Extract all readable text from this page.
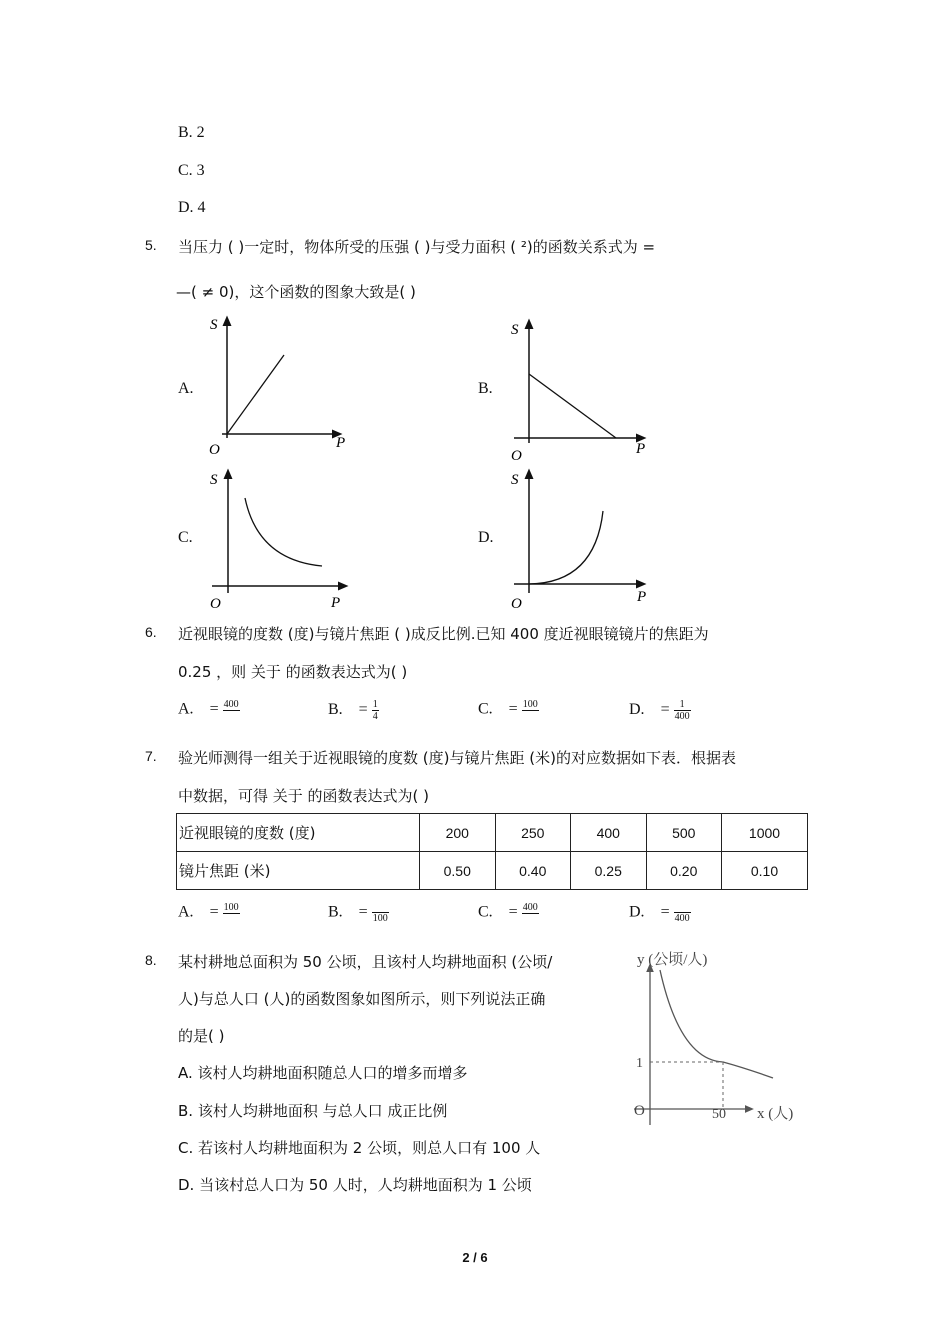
B. 2
C. 3
D. 4
5. 当压力 ( )一定时，物体所受的压强 ( )与受力面积 ( ²)的函数关系式为 =
—( ≠ 0)，这个函数的图象大致是( )
A.	B.
C.	D.
S
P
O
S
P
O
S
P
O
S
P
O
6. 近视眼镜的度数 (度)与镜片焦距 ( )成反比例.已知 400 度近视眼镜镜片的焦距为
0.25 ，则 关于 的函数表达式为( )
A. = 400	B. = $\frac{1}{4}$	C. = 100	D. = $\frac{1}{400}$
7. 验光师测得一组关于近视眼镜的度数 (度)与镜片焦距 (米)的对应数据如下表．根据表
中数据，可得 关于 的函数表达式为( )
近视眼镜的度数 (度)	200	250	400	500	1000
镜片焦距 (米)	0.50	0.40	0.25	0.20	0.10
A. = 100	B. = 100	C. = 400	D. = 400
8. 某村耕地总面积为 50 公顷，且该村人均耕地面积 (公顷/
人)与总人口 (人)的函数图象如图所示，则下列说法正确
的是( )
A. 该村人均耕地面积随总人口的增多而增多
B. 该村人均耕地面积 与总人口 成正比例
C. 若该村人均耕地面积为 2 公顷，则总人口有 100 人
D. 当该村总人口为 50 人时，人均耕地面积为 1 公顷
y (公顷/人)
x (人)
O
1
50
2 / 6
